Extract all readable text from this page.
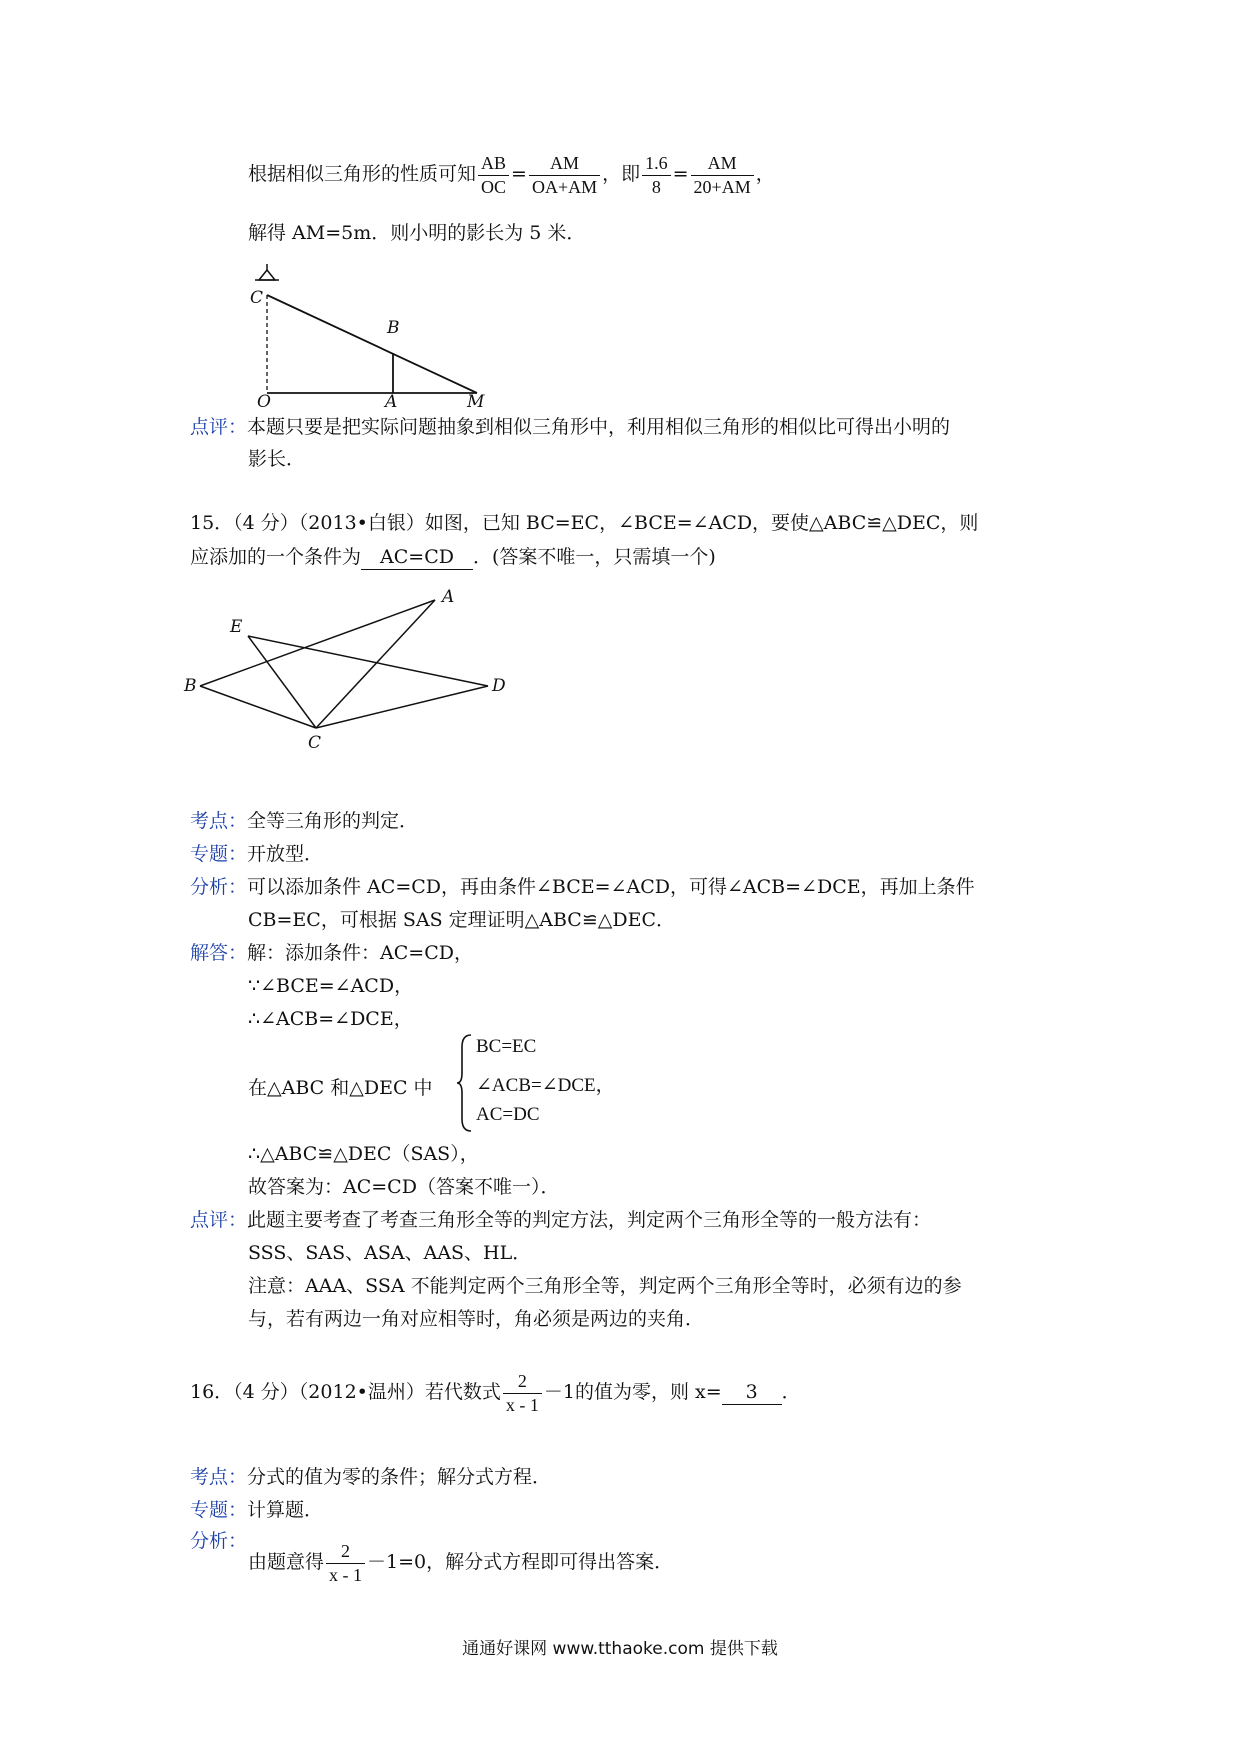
根据相似三角形的性质可知 $\frac{AB}{OC} = \frac{AM}{OA+AM}$ ，即 $\frac{1.6}{8} = \frac{AM}{20+AM}$ ，
解得 AM=5m．则小明的影长为 5 米．
C
B
O	A	M
点评：本题只要是把实际问题抽象到相似三角形中，利用相似三角形的相似比可得出小明的
影长．
15．（4 分）（2013•白银）如图，已知 BC=EC，∠BCE=∠ACD，要使△ABC≌△DEC，则
应添加的一个条件为 AC=CD ．(答案不唯一，只需填一个)
E
A
B	D
C
考点：全等三角形的判定．
专题：开放型．
分析：可以添加条件 AC=CD，再由条件∠BCE=∠ACD，可得∠ACB=∠DCE，再加上条件
CB=EC，可根据 SAS 定理证明△ABC≌△DEC．
解答：解：添加条件：AC=CD，
∵∠BCE=∠ACD，
∴∠ACB=∠DCE，
在△ABC 和△DEC 中
BC=EC
∠ACB=∠DCE，
AC=DC
∴△ABC≌△DEC（SAS），
故答案为：AC=CD（答案不唯一）．
点评：此题主要考查了考查三角形全等的判定方法，判定两个三角形全等的一般方法有：
SSS、SAS、ASA、AAS、HL．
注意：AAA、SSA 不能判定两个三角形全等，判定两个三角形全等时，必须有边的参
与，若有两边一角对应相等时，角必须是两边的夹角．
16．（4 分）（2012•温州）若代数式 $\frac{2}{x - 1} -1$的值为零，则 x= 3 ．
考点：分式的值为零的条件；解分式方程．
专题：计算题．
分析：
由题意得 $\frac{2}{x - 1} -1=0$，解分式方程即可得出答案．
通通好课网 www.tthaoke.com 提供下载
